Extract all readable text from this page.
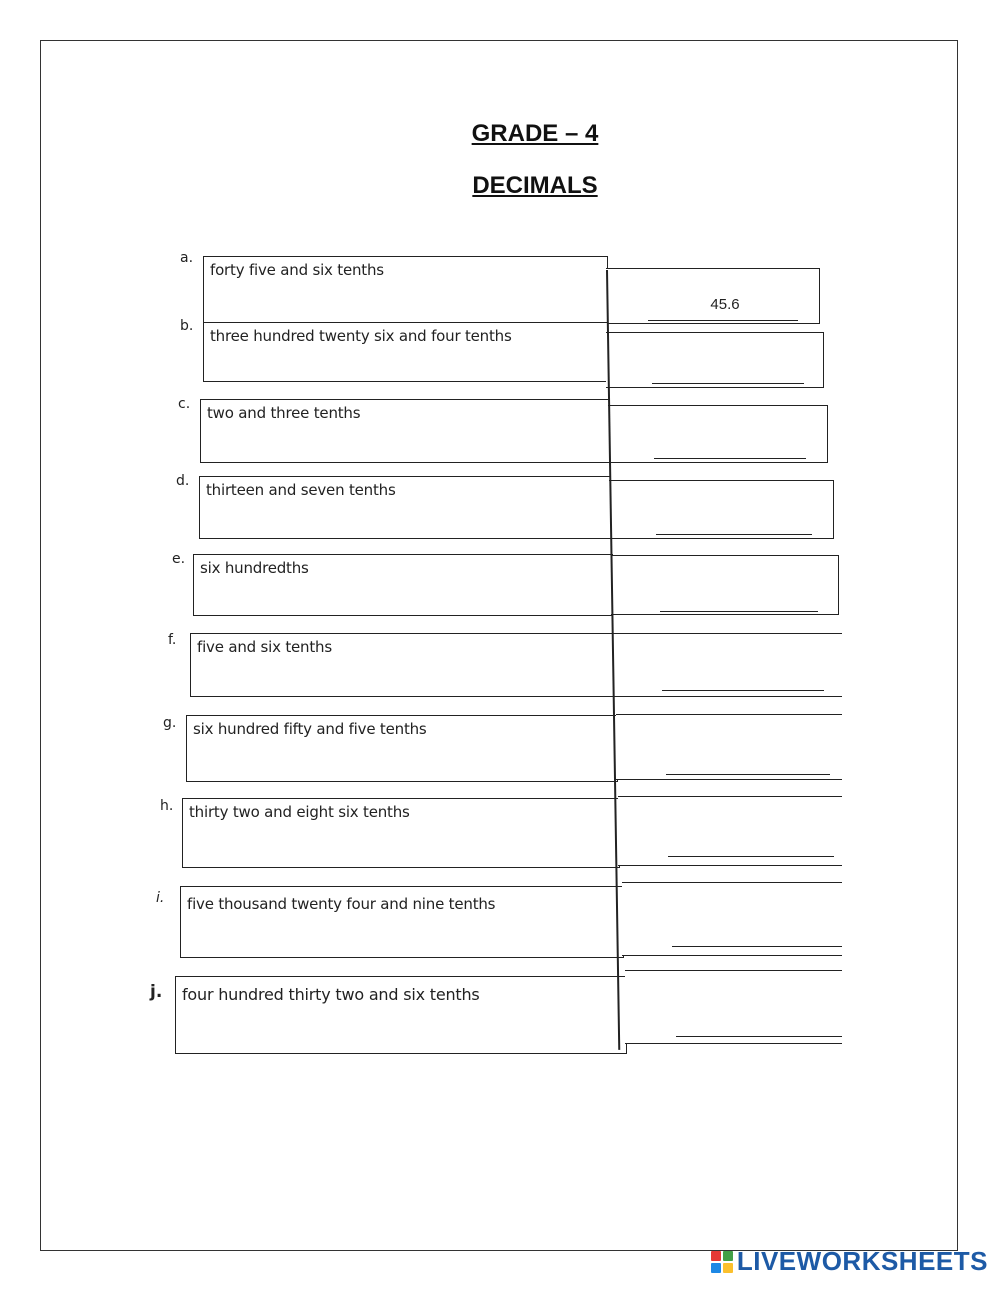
GRADE – 4
DECIMALS
a.
forty five and six tenths
45.6
b.
three hundred twenty six and four tenths
c. two and three tenths
d. thirteen and seven tenths
e. six hundredths
f. five and six tenths
g. six hundred fifty and five tenths
h. thirty two and eight six tenths
i. five thousand twenty four and nine tenths
j. four hundred thirty two and six tenths
LIVEWORKSHEETS
